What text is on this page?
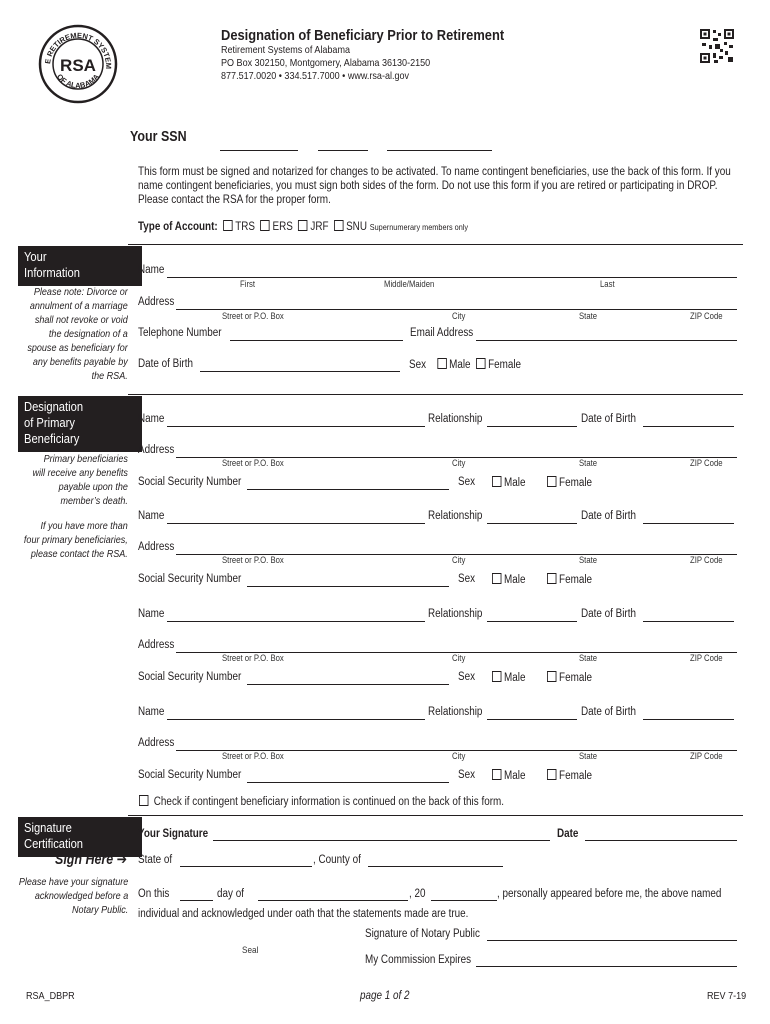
E RETIREMENT SYSTEM
OF ALABAMA
RSA
Designation of Beneficiary Prior to Retirement
Retirement Systems of Alabama
PO Box 302150, Montgomery, Alabama 36130-2150
877.517.0020 • 334.517.7000 • www.rsa-al.gov
Your SSN
This form must be signed and notarized for changes to be activated. To name contingent beneficiaries, use the back of this form. If you name contingent beneficiaries, you must sign both sides of the form. Do not use this form if you are retired or participating in DROP. Please contact the RSA for the proper form.
Type of Account: TRS ERS JRF SNU Supernumerary members only
Your Information
Please note: Divorce or
annulment of a marriage
shall not revoke or void
the designation of a
spouse as beneficiary for
any benefits payable by
the RSA.
Name
First	Middle/Maiden	Last
Address
Street or P.O. Box	City	State	ZIP Code
Telephone Number	Email Address
Date of Birth	Sex Male Female
Designation of Primary Beneficiary
Primary beneficiaries
will receive any benefits
payable upon the
member’s death.
If you have more than
four primary beneficiaries,
please contact the RSA.
Name	Relationship	Date of Birth
Address
Street or P.O. Box	City	State	ZIP Code
Social Security Number	Sex	Male	Female
Name	Relationship	Date of Birth
Address
Street or P.O. Box	City	State	ZIP Code
Social Security Number	Sex	Male	Female
Name	Relationship	Date of Birth
Address
Street or P.O. Box	City	State	ZIP Code
Social Security Number	Sex	Male	Female
Name	Relationship	Date of Birth
Address
Street or P.O. Box	City	State	ZIP Code
Social Security Number	Sex	Male	Female
Check if contingent beneficiary information is continued on the back of this form.
Signature Certification
Sign Here ➔
Please have your signature
acknowledged before a
Notary Public.
Your Signature	Date
State of	, County of
On this	day of	, 20	, personally appeared before me, the above named
individual and acknowledged under oath that the statements made are true.
Signature of Notary Public
Seal
My Commission Expires
RSA_DBPR	page 1 of 2	REV 7-19
